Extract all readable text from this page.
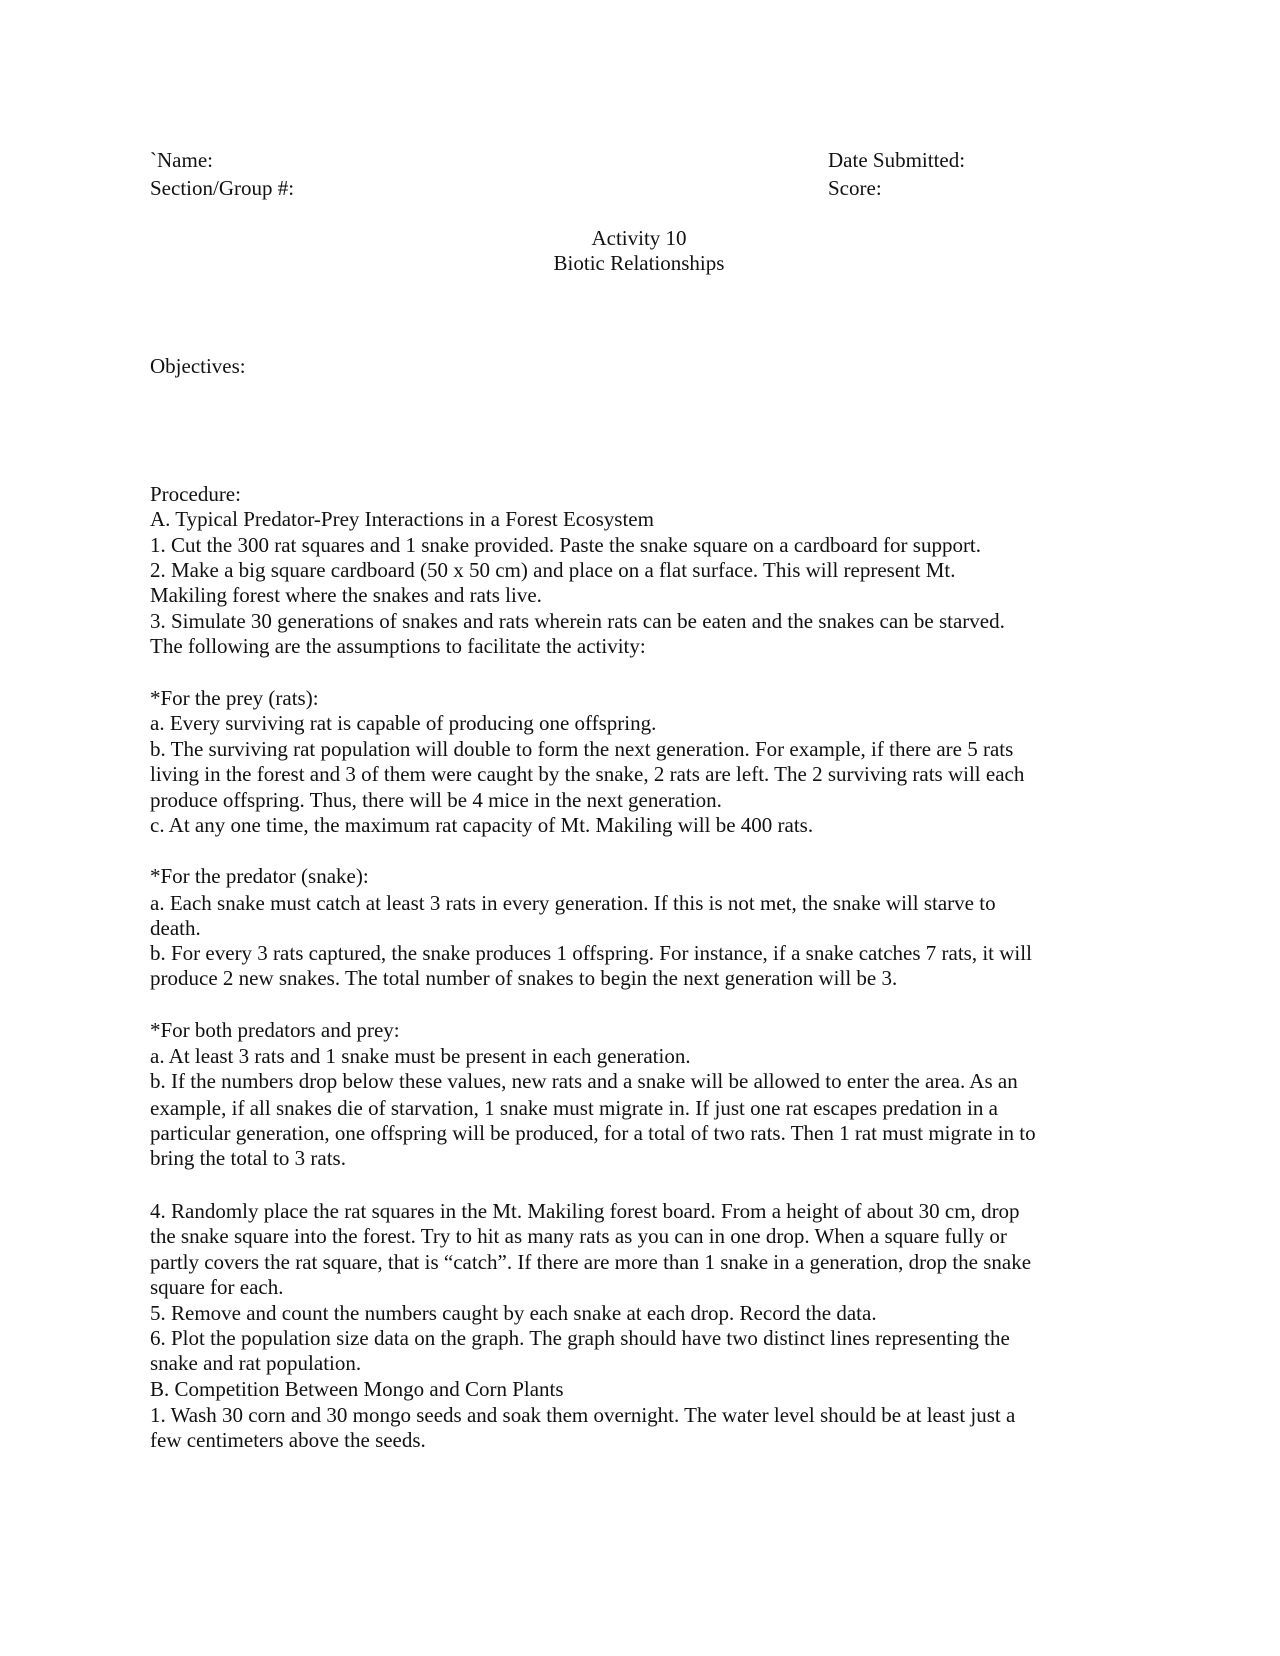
`Name:
Section/Group #:
Date Submitted:
Score:
Activity 10
Biotic Relationships
Objectives:
Procedure:
A. Typical Predator-Prey Interactions in a Forest Ecosystem
1. Cut the 300 rat squares and 1 snake provided. Paste the snake square on a cardboard for support.
2. Make a big square cardboard (50 x 50 cm) and place on a flat surface. This will represent Mt.
Makiling forest where the snakes and rats live.
3. Simulate 30 generations of snakes and rats wherein rats can be eaten and the snakes can be starved.
The following are the assumptions to facilitate the activity:
*For the prey (rats):
a. Every surviving rat is capable of producing one offspring.
b. The surviving rat population will double to form the next generation. For example, if there are 5 rats
living in the forest and 3 of them were caught by the snake, 2 rats are left. The 2 surviving rats will each
produce offspring. Thus, there will be 4 mice in the next generation.
c. At any one time, the maximum rat capacity of Mt. Makiling will be 400 rats.
*For the predator (snake):
a. Each snake must catch at least 3 rats in every generation. If this is not met, the snake will starve to
death.
b. For every 3 rats captured, the snake produces 1 offspring. For instance, if a snake catches 7 rats, it will
produce 2 new snakes. The total number of snakes to begin the next generation will be 3.
*For both predators and prey:
a. At least 3 rats and 1 snake must be present in each generation.
b. If the numbers drop below these values, new rats and a snake will be allowed to enter the area. As an
example, if all snakes die of starvation, 1 snake must migrate in. If just one rat escapes predation in a
particular generation, one offspring will be produced, for a total of two rats. Then 1 rat must migrate in to
bring the total to 3 rats.
4. Randomly place the rat squares in the Mt. Makiling forest board. From a height of about 30 cm, drop
the snake square into the forest. Try to hit as many rats as you can in one drop. When a square fully or
partly covers the rat square, that is “catch”. If there are more than 1 snake in a generation, drop the snake
square for each.
5. Remove and count the numbers caught by each snake at each drop. Record the data.
6. Plot the population size data on the graph. The graph should have two distinct lines representing the
snake and rat population.
B. Competition Between Mongo and Corn Plants
1. Wash 30 corn and 30 mongo seeds and soak them overnight. The water level should be at least just a
few centimeters above the seeds.
